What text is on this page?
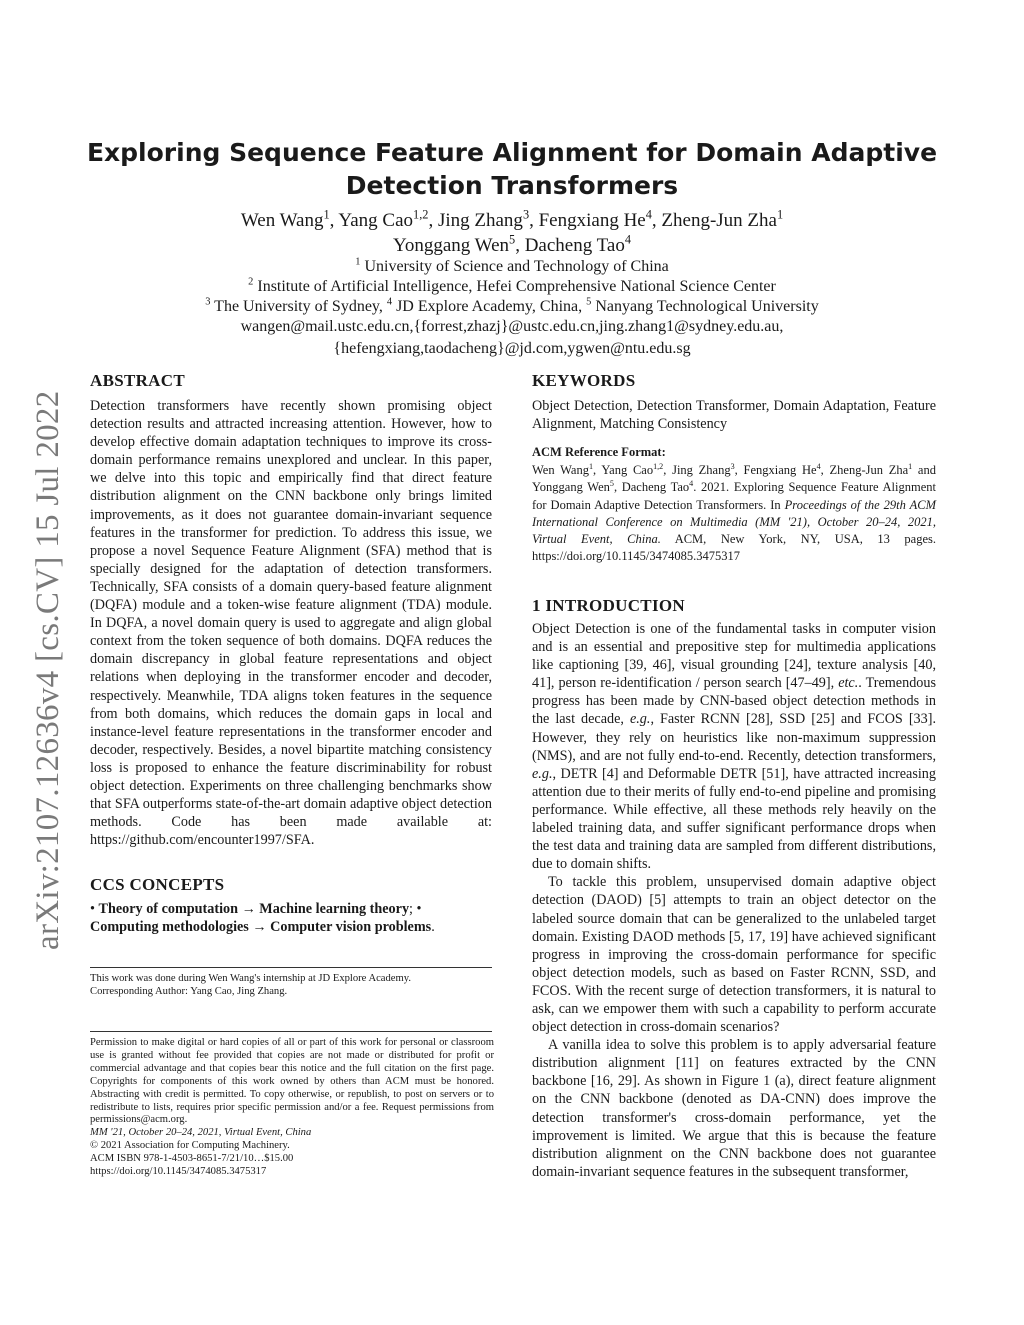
arXiv:2107.12636v4 [cs.CV] 15 Jul 2022
Exploring Sequence Feature Alignment for Domain Adaptive
Detection Transformers
Wen Wang$^1$, Yang Cao$^{1,2}$, Jing Zhang$^3$, Fengxiang He$^4$, Zheng-Jun Zha$^1$
Yonggang Wen$^5$, Dacheng Tao$^4$
$^1$ University of Science and Technology of China
$^2$ Institute of Artificial Intelligence, Hefei Comprehensive National Science Center
$^3$ The University of Sydney, $^4$ JD Explore Academy, China, $^5$ Nanyang Technological University
wangen@mail.ustc.edu.cn,{forrest,zhazj}@ustc.edu.cn,jing.zhang1@sydney.edu.au,
{hefengxiang,taodacheng}@jd.com,ygwen@ntu.edu.sg
ABSTRACT

Detection transformers have recently shown promising object detection results and attracted increasing attention. However, how to develop effective domain adaptation techniques to improve its cross-domain performance remains unexplored and unclear. In this paper, we delve into this topic and empirically find that direct feature distribution alignment on the CNN backbone only brings limited improvements, as it does not guarantee domain-invariant sequence features in the transformer for prediction. To address this issue, we propose a novel Sequence Feature Alignment (SFA) method that is specially designed for the adaptation of detection transformers. Technically, SFA consists of a domain query-based feature alignment (DQFA) module and a token-wise feature alignment (TDA) module. In DQFA, a novel domain query is used to aggregate and align global context from the token sequence of both domains. DQFA reduces the domain discrepancy in global feature representations and object relations when deploying in the transformer encoder and decoder, respectively. Meanwhile, TDA aligns token features in the sequence from both domains, which reduces the domain gaps in local and instance-level feature representations in the transformer encoder and decoder, respectively. Besides, a novel bipartite matching consistency loss is proposed to enhance the feature discriminability for robust object detection. Experiments on three challenging benchmarks show that SFA outperforms state-of-the-art domain adaptive object detection methods. Code has been made available at: https://github.com/encounter1997/SFA.

CCS CONCEPTS

• Theory of computation → Machine learning theory; • Computing methodologies → Computer vision problems.

This work was done during Wen Wang's internship at JD Explore Academy.

Corresponding Author: Yang Cao, Jing Zhang.

Permission to make digital or hard copies of all or part of this work for personal or classroom use is granted without fee provided that copies are not made or distributed for profit or commercial advantage and that copies bear this notice and the full citation on the first page. Copyrights for components of this work owned by others than ACM must be honored. Abstracting with credit is permitted. To copy otherwise, or republish, to post on servers or to redistribute to lists, requires prior specific permission and/or a fee. Request permissions from permissions@acm.org.

MM '21, October 20–24, 2021, Virtual Event, China

© 2021 Association for Computing Machinery.

ACM ISBN 978-1-4503-8651-7/21/10…$15.00

https://doi.org/10.1145/3474085.3475317

KEYWORDS

Object Detection, Detection Transformer, Domain Adaptation, Feature Alignment, Matching Consistency

ACM Reference Format:

Wen Wang$^1$, Yang Cao$^{1,2}$, Jing Zhang$^3$, Fengxiang He$^4$, Zheng-Jun Zha$^1$ and Yonggang Wen$^5$, Dacheng Tao$^4$. 2021. Exploring Sequence Feature Alignment for Domain Adaptive Detection Transformers. In Proceedings of the 29th ACM International Conference on Multimedia (MM '21), October 20–24, 2021, Virtual Event, China. ACM, New York, NY, USA, 13 pages. https://doi.org/10.1145/3474085.3475317

1 INTRODUCTION

Object Detection is one of the fundamental tasks in computer vision and is an essential and prepositive step for multimedia applications like captioning [39, 46], visual grounding [24], texture analysis [40, 41], person re-identification / person search [47–49], etc.. Tremendous progress has been made by CNN-based object detection methods in the last decade, e.g., Faster RCNN [28], SSD [25] and FCOS [33]. However, they rely on heuristics like non-maximum suppression (NMS), and are not fully end-to-end. Recently, detection transformers, e.g., DETR [4] and Deformable DETR [51], have attracted increasing attention due to their merits of fully end-to-end pipeline and promising performance. While effective, all these methods rely heavily on the labeled training data, and suffer significant performance drops when the test data and training data are sampled from different distributions, due to domain shifts.

To tackle this problem, unsupervised domain adaptive object detection (DAOD) [5] attempts to train an object detector on the labeled source domain that can be generalized to the unlabeled target domain. Existing DAOD methods [5, 17, 19] have achieved significant progress in improving the cross-domain performance for specific object detection models, such as based on Faster RCNN, SSD, and FCOS. With the recent surge of detection transformers, it is natural to ask, can we empower them with such a capability to perform accurate object detection in cross-domain scenarios?

A vanilla idea to solve this problem is to apply adversarial feature distribution alignment [11] on features extracted by the CNN backbone [16, 29]. As shown in Figure 1 (a), direct feature alignment on the CNN backbone (denoted as DA-CNN) does improve the detection transformer's cross-domain performance, yet the improvement is limited. We argue that this is because the feature distribution alignment on the CNN backbone does not guarantee domain-invariant sequence features in the subsequent transformer,
